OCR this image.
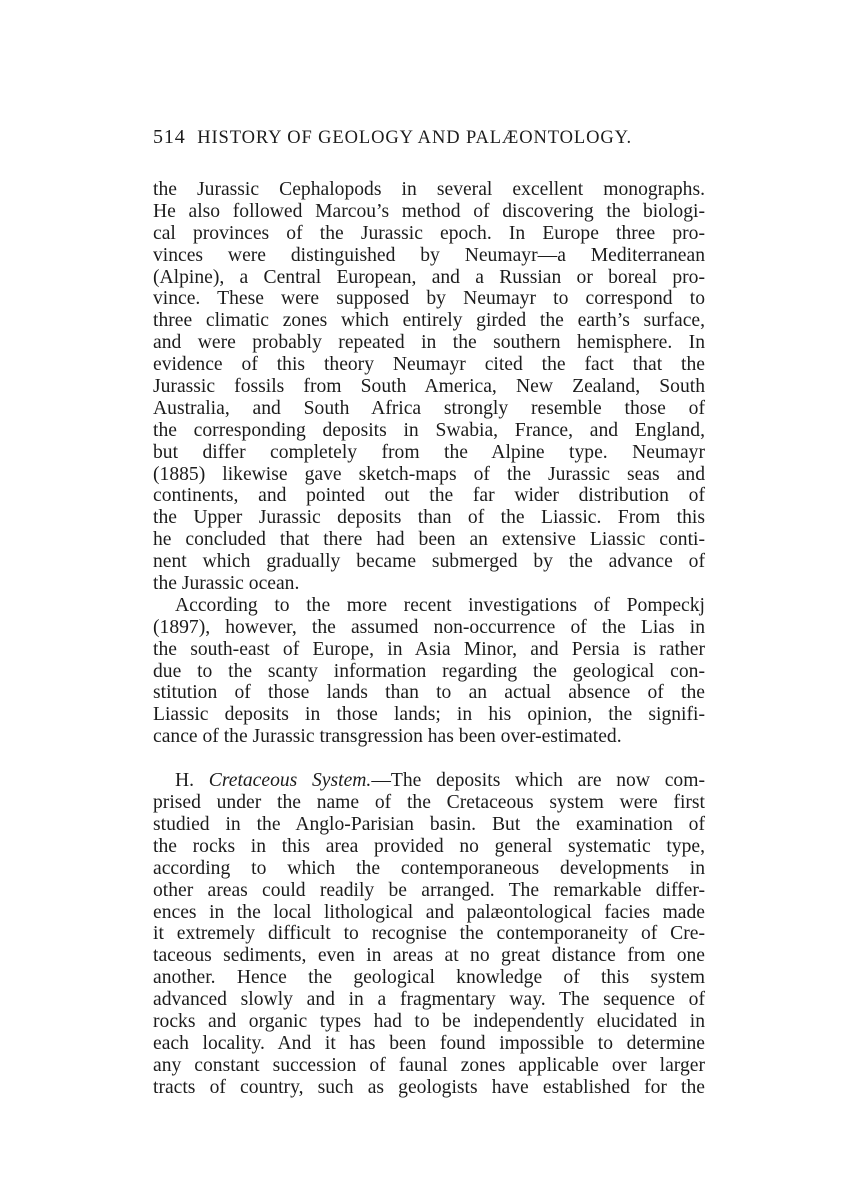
514 HISTORY OF GEOLOGY AND PALÆONTOLOGY.
the Jurassic Cephalopods in several excellent monographs.
He also followed Marcou’s method of discovering the biologi-
cal provinces of the Jurassic epoch. In Europe three pro-
vinces were distinguished by Neumayr—a Mediterranean
(Alpine), a Central European, and a Russian or boreal pro-
vince. These were supposed by Neumayr to correspond to
three climatic zones which entirely girded the earth’s surface,
and were probably repeated in the southern hemisphere. In
evidence of this theory Neumayr cited the fact that the
Jurassic fossils from South America, New Zealand, South
Australia, and South Africa strongly resemble those of
the corresponding deposits in Swabia, France, and England,
but differ completely from the Alpine type. Neumayr
(1885) likewise gave sketch-maps of the Jurassic seas and
continents, and pointed out the far wider distribution of
the Upper Jurassic deposits than of the Liassic. From this
he concluded that there had been an extensive Liassic conti-
nent which gradually became submerged by the advance of
the Jurassic ocean.
According to the more recent investigations of Pompeckj
(1897), however, the assumed non-occurrence of the Lias in
the south-east of Europe, in Asia Minor, and Persia is rather
due to the scanty information regarding the geological con-
stitution of those lands than to an actual absence of the
Liassic deposits in those lands; in his opinion, the signifi-
cance of the Jurassic transgression has been over-estimated.
H. Cretaceous System.—The deposits which are now com-
prised under the name of the Cretaceous system were first
studied in the Anglo-Parisian basin. But the examination of
the rocks in this area provided no general systematic type,
according to which the contemporaneous developments in
other areas could readily be arranged. The remarkable differ-
ences in the local lithological and palæontological facies made
it extremely difficult to recognise the contemporaneity of Cre-
taceous sediments, even in areas at no great distance from one
another. Hence the geological knowledge of this system
advanced slowly and in a fragmentary way. The sequence of
rocks and organic types had to be independently elucidated in
each locality. And it has been found impossible to determine
any constant succession of faunal zones applicable over larger
tracts of country, such as geologists have established for the
